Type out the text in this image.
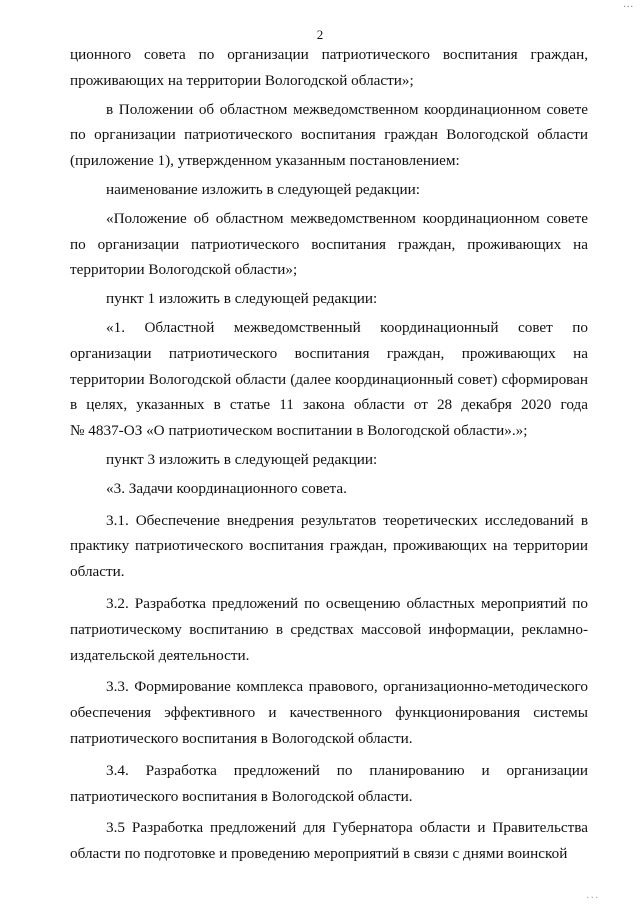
...
2

ционного совета по организации патриотического воспитания граждан, проживающих на территории Вологодской области»;

в Положении об областном межведомственном координационном совете по организации патриотического воспитания граждан Вологодской области (приложение 1), утвержденном указанным постановлением:

наименование изложить в следующей редакции:

«Положение об областном межведомственном координационном совете по организации патриотического воспитания граждан, проживающих на территории Вологодской области»;

пункт 1 изложить в следующей редакции:

«1. Областной межведомственный координационный совет по организации патриотического воспитания граждан, проживающих на территории Вологодской области (далее координационный совет) сформирован в целях, указанных в статье 11 закона области от 28 декабря 2020 года

№ 4837-ОЗ «О патриотическом воспитании в Вологодской области».»;

пункт 3 изложить в следующей редакции:

«3. Задачи координационного совета.

3.1. Обеспечение внедрения результатов теоретических исследований в практику патриотического воспитания граждан, проживающих на территории области.

3.2. Разработка предложений по освещению областных мероприятий по патриотическому воспитанию в средствах массовой информации, рекламно-издательской деятельности.

3.3. Формирование комплекса правового, организационно-методического обеспечения эффективного и качественного функционирования системы патриотического воспитания в Вологодской области.

3.4. Разработка предложений по планированию и организации патриотического воспитания в Вологодской области.

3.5 Разработка предложений для Губернатора области и Правительства области по подготовке и проведению мероприятий в связи с днями воинской

...
